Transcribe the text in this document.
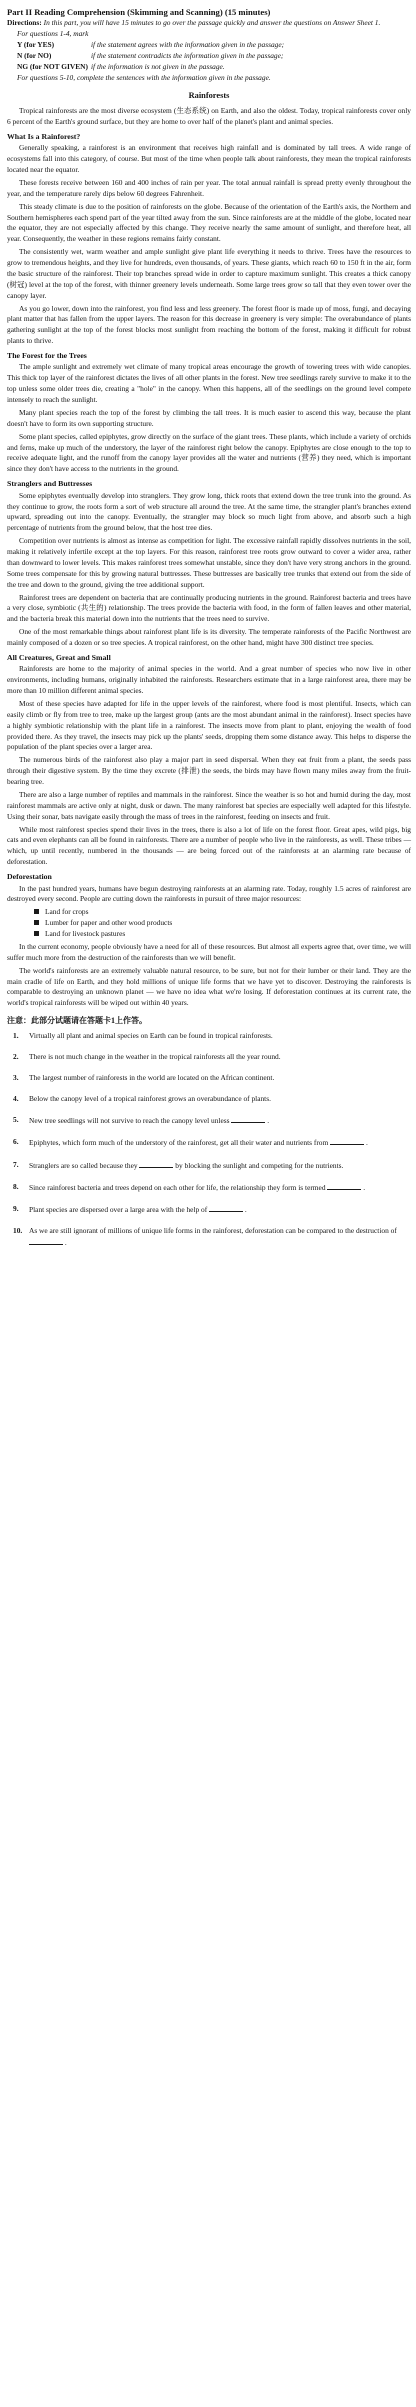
Part II Reading Comprehension (Skimming and Scanning) (15 minutes)
Directions: In this part, you will have 15 minutes to go over the passage quickly and answer the questions on Answer Sheet 1.
For questions 1-4, mark
Y (for YES)	if the statement agrees with the information given in the passage;
N (for NO)	if the statement contradicts the information given in the passage;
NG (for NOT GIVEN) if the information is not given in the passage.
For questions 5-10, complete the sentences with the information given in the passage.
Rainforests

Tropical rainforests are the most diverse ecosystem (生态系统) on Earth, and also the oldest. Today, tropical rainforests cover only 6 percent of the Earth's ground surface, but they are home to over half of the planet's plant and animal species.

What Is a Rainforest?

Generally speaking, a rainforest is an environment that receives high rainfall and is dominated by tall trees. A wide range of ecosystems fall into this category, of course. But most of the time when people talk about rainforests, they mean the tropical rainforests located near the equator.

These forests receive between 160 and 400 inches of rain per year. The total annual rainfall is spread pretty evenly throughout the year, and the temperature rarely dips below 60 degrees Fahrenheit.

This steady climate is due to the position of rainforests on the globe. Because of the orientation of the Earth's axis, the Northern and Southern hemispheres each spend part of the year tilted away from the sun. Since rainforests are at the middle of the globe, located near the equator, they are not especially affected by this change. They receive nearly the same amount of sunlight, and therefore heat, all year. Consequently, the weather in these regions remains fairly constant.

The consistently wet, warm weather and ample sunlight give plant life everything it needs to thrive. Trees have the resources to grow to tremendous heights, and they live for hundreds, even thousands, of years. These giants, which reach 60 to 150 ft in the air, form the basic structure of the rainforest. Their top branches spread wide in order to capture maximum sunlight. This creates a thick canopy (树冠) level at the top of the forest, with thinner greenery levels underneath. Some large trees grow so tall that they even tower over the canopy layer.

As you go lower, down into the rainforest, you find less and less greenery. The forest floor is made up of moss, fungi, and decaying plant matter that has fallen from the upper layers. The reason for this decrease in greenery is very simple: The overabundance of plants gathering sunlight at the top of the forest blocks most sunlight from reaching the bottom of the forest, making it difficult for robust plants to thrive.

The Forest for the Trees

The ample sunlight and extremely wet climate of many tropical areas encourage the growth of towering trees with wide canopies. This thick top layer of the rainforest dictates the lives of all other plants in the forest. New tree seedlings rarely survive to make it to the top unless some older trees die, creating a "hole" in the canopy. When this happens, all of the seedlings on the ground level compete intensely to reach the sunlight.

Many plant species reach the top of the forest by climbing the tall trees. It is much easier to ascend this way, because the plant doesn't have to form its own supporting structure.

Some plant species, called epiphytes, grow directly on the surface of the giant trees. These plants, which include a variety of orchids and ferns, make up much of the understory, the layer of the rainforest right below the canopy. Epiphytes are close enough to the top to receive adequate light, and the runoff from the canopy layer provides all the water and nutrients (营养) they need, which is important since they don't have access to the nutrients in the ground.

Stranglers and Buttresses

Some epiphytes eventually develop into stranglers. They grow long, thick roots that extend down the tree trunk into the ground. As they continue to grow, the roots form a sort of web structure all around the tree. At the same time, the strangler plant's branches extend upward, spreading out into the canopy. Eventually, the strangler may block so much light from above, and absorb such a high percentage of nutrients from the ground below, that the host tree dies.

Competition over nutrients is almost as intense as competition for light. The excessive rainfall rapidly dissolves nutrients in the soil, making it relatively infertile except at the top layers. For this reason, rainforest tree roots grow outward to cover a wider area, rather than downward to lower levels. This makes rainforest trees somewhat unstable, since they don't have very strong anchors in the ground. Some trees compensate for this by growing natural buttresses. These buttresses are basically tree trunks that extend out from the side of the tree and down to the ground, giving the tree additional support.

Rainforest trees are dependent on bacteria that are continually producing nutrients in the ground. Rainforest bacteria and trees have a very close, symbiotic (共生的) relationship. The trees provide the bacteria with food, in the form of fallen leaves and other material, and the bacteria break this material down into the nutrients that the trees need to survive.

One of the most remarkable things about rainforest plant life is its diversity. The temperate rainforests of the Pacific Northwest are mainly composed of a dozen or so tree species. A tropical rainforest, on the other hand, might have 300 distinct tree species.

All Creatures, Great and Small

Rainforests are home to the majority of animal species in the world. And a great number of species who now live in other environments, including humans, originally inhabited the rainforests. Researchers estimate that in a large rainforest area, there may be more than 10 million different animal species.

Most of these species have adapted for life in the upper levels of the rainforest, where food is most plentiful. Insects, which can easily climb or fly from tree to tree, make up the largest group (ants are the most abundant animal in the rainforest). Insect species have a highly symbiotic relationship with the plant life in a rainforest. The insects move from plant to plant, enjoying the wealth of food provided there. As they travel, the insects may pick up the plants' seeds, dropping them some distance away. This helps to disperse the population of the plant species over a larger area.

The numerous birds of the rainforest also play a major part in seed dispersal. When they eat fruit from a plant, the seeds pass through their digestive system. By the time they excrete (排泄) the seeds, the birds may have flown many miles away from the fruit-bearing tree.

There are also a large number of reptiles and mammals in the rainforest. Since the weather is so hot and humid during the day, most rainforest mammals are active only at night, dusk or dawn. The many rainforest bat species are especially well adapted for this lifestyle. Using their sonar, bats navigate easily through the mass of trees in the rainforest, feeding on insects and fruit.

While most rainforest species spend their lives in the trees, there is also a lot of life on the forest floor. Great apes, wild pigs, big cats and even elephants can all be found in rainforests. There are a number of people who live in the rainforests, as well. These tribes — which, up until recently, numbered in the thousands — are being forced out of the rainforests at an alarming rate because of deforestation.

Deforestation

In the past hundred years, humans have begun destroying rainforests at an alarming rate. Today, roughly 1.5 acres of rainforest are destroyed every second. People are cutting down the rainforests in pursuit of three major resources:

Land for crops
Lumber for paper and other wood products
Land for livestock pastures

In the current economy, people obviously have a need for all of these resources. But almost all experts agree that, over time, we will suffer much more from the destruction of the rainforests than we will benefit.

The world's rainforests are an extremely valuable natural resource, to be sure, but not for their lumber or their land. They are the main cradle of life on Earth, and they hold millions of unique life forms that we have yet to discover. Destroying the rainforests is comparable to destroying an unknown planet — we have no idea what we're losing. If deforestation continues at its current rate, the world's tropical rainforests will be wiped out within 40 years.

注意：此部分试题请在答题卡1上作答。
1.	Virtually all plant and animal species on Earth can be found in tropical rainforests.
2.	There is not much change in the weather in the tropical rainforests all the year round.
3.	The largest number of rainforests in the world are located on the African continent.
4.	Below the canopy level of a tropical rainforest grows an overabundance of plants.
5.	New tree seedlings will not survive to reach the canopy level unless	.
6.	Epiphytes, which form much of the understory of the rainforest, get all their water and nutrients from	.
7.	Stranglers are so called because they	by blocking the sunlight and competing for the nutrients.
8.	Since rainforest bacteria and trees depend on each other for life, the relationship they form is termed	.
9.	Plant species are dispersed over a large area with the help of	.
10. As we are still ignorant of millions of unique life forms in the rainforest, deforestation can be compared to the destruction of  .
